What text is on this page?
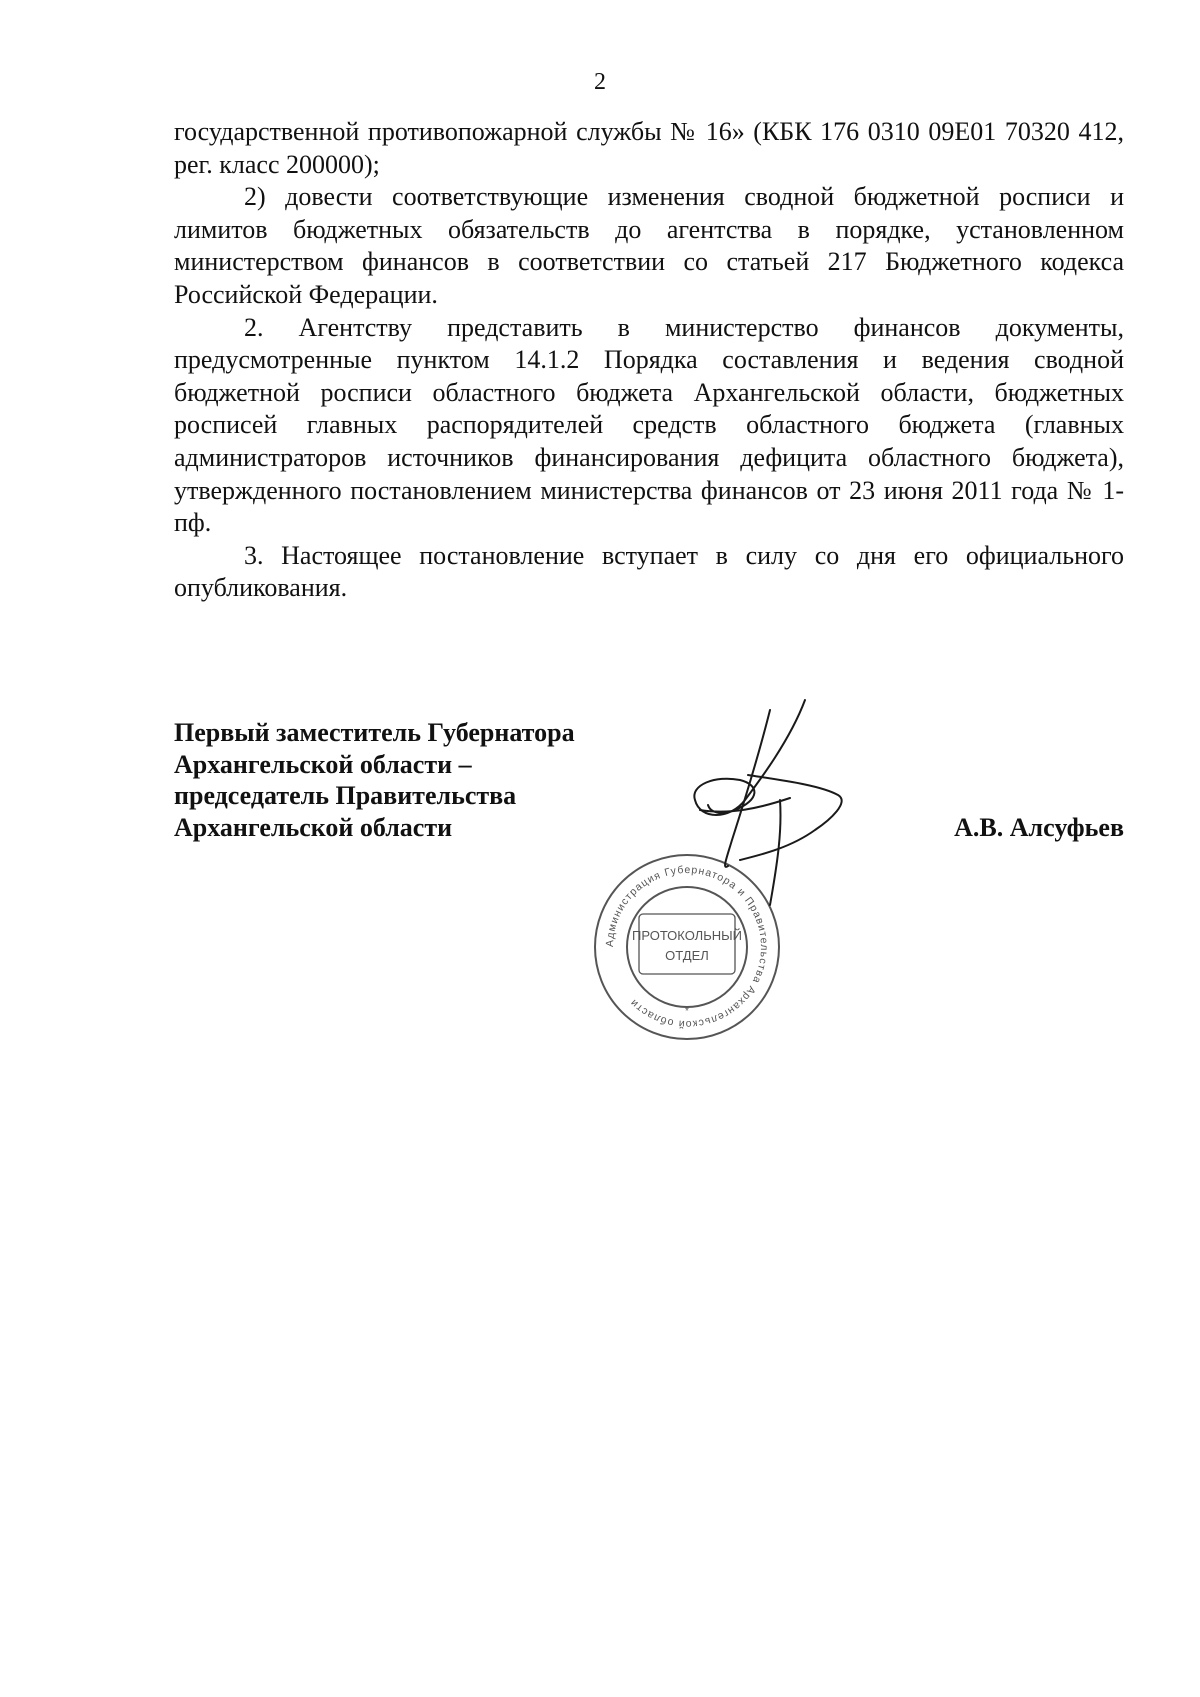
2

государственной противопожарной службы № 16» (КБК 176 0310 09Е01 70320 412, рег. класс 200000);

2) довести соответствующие изменения сводной бюджетной росписи и лимитов бюджетных обязательств до агентства в порядке, установленном министерством финансов в соответствии со статьей 217 Бюджетного кодекса Российской Федерации.

2. Агентству представить в министерство финансов документы, предусмотренные пунктом 14.1.2 Порядка составления и ведения сводной бюджетной росписи областного бюджета Архангельской области, бюджетных росписей главных распорядителей средств областного бюджета (главных администраторов источников финансирования дефицита областного бюджета), утвержденного постановлением министерства финансов от 23 июня 2011 года № 1-пф.

3. Настоящее постановление вступает в силу со дня его официального опубликования.

Первый заместитель Губернатора
Архангельской области –
председатель Правительства
Архангельской области	А.В. Алсуфьев
Администрация Губернатора и Правительства Архангельской области
ПРОТОКОЛЬНЫЙ
ОТДЕЛ
*
